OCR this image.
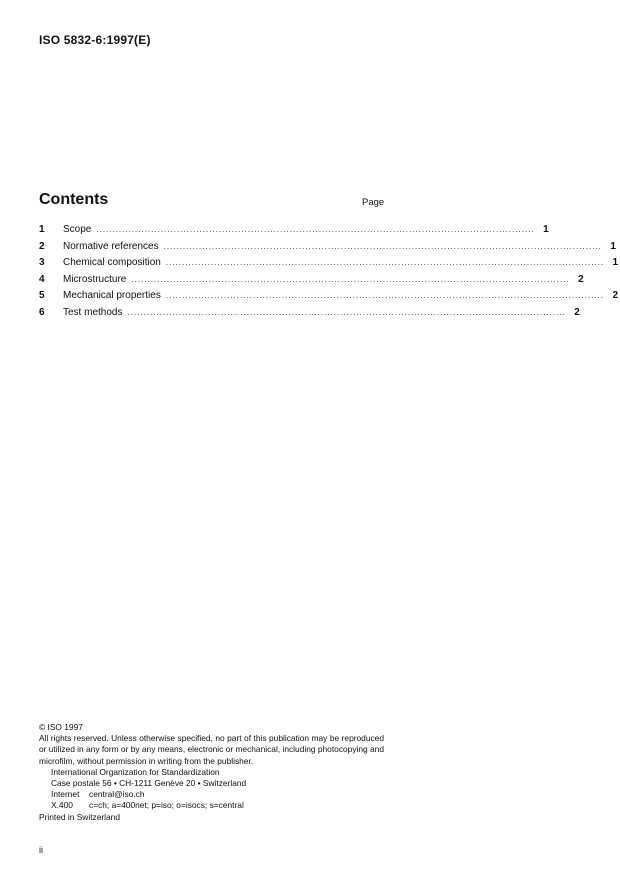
ISO 5832-6:1997(E)
Contents	Page
1	Scope ........................................................................................................................................ 1
2	Normative references ........................................................................................................................................ 1
3	Chemical composition ........................................................................................................................................ 1
4	Microstructure ........................................................................................................................................ 2
5	Mechanical properties ........................................................................................................................................ 2
6	Test methods ........................................................................................................................................ 2

© ISO 1997

All rights reserved. Unless otherwise specified, no part of this publication may be reproduced or utilized in any form or by any means, electronic or mechanical, including photocopying and microfilm, without permission in writing from the publisher.

International Organization for Standardization

Case postale 56 • CH-1211 Genève 20 • Switzerland

Internet	central@iso.ch
X.400	c=ch; a=400net; p=iso; o=isocs; s=central

Printed in Switzerland

ii
